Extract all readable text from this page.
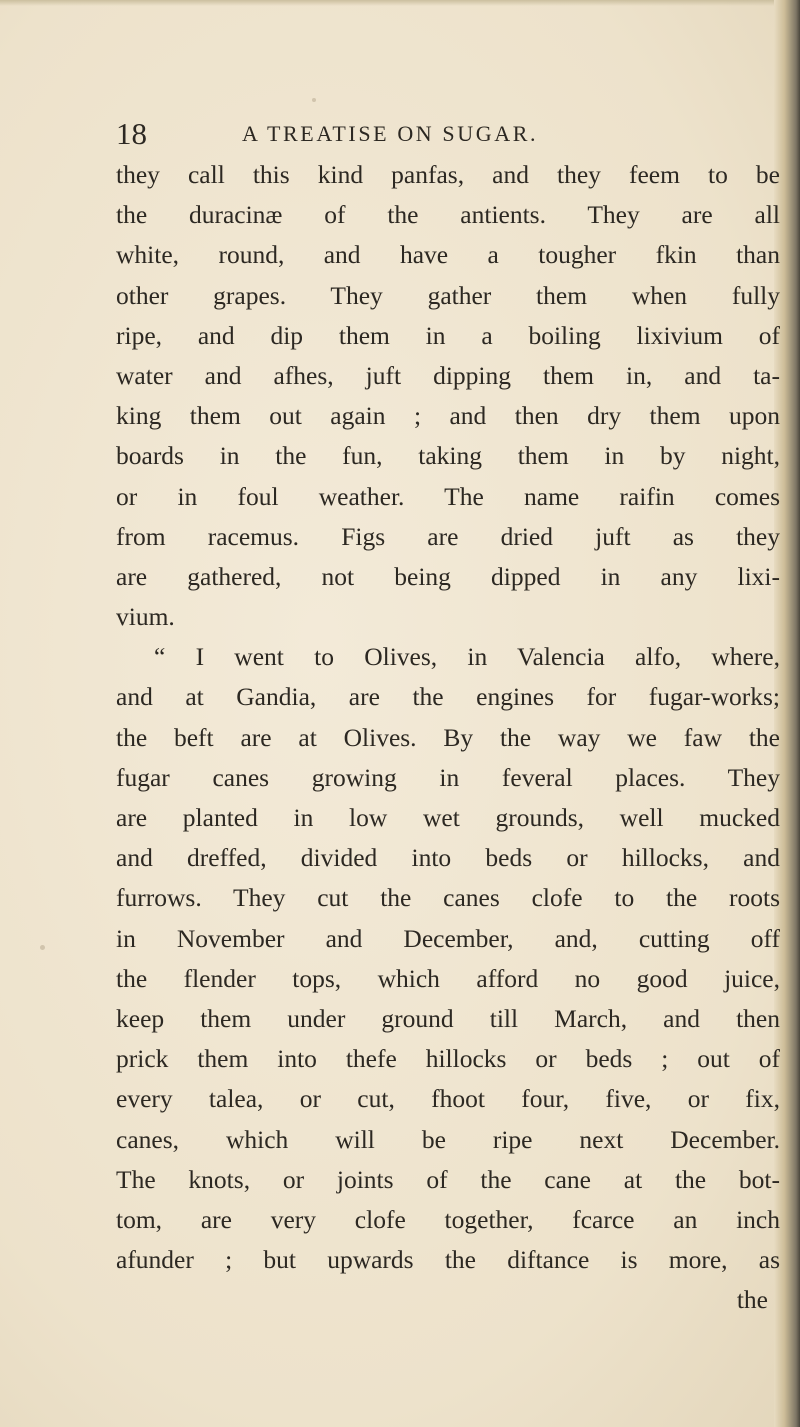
18	A TREATISE ON SUGAR.
they call this kind panfas, and they feem to be
the duracinæ of the antients. They are all
white, round, and have a tougher fkin than
other grapes. They gather them when fully
ripe, and dip them in a boiling lixivium of
water and afhes, juft dipping them in, and ta-
king them out again ; and then dry them upon
boards in the fun, taking them in by night,
or in foul weather. The name raifin comes
from racemus. Figs are dried juft as they
are gathered, not being dipped in any lixi-
vium.
“ I went to Olives, in Valencia alfo, where,
and at Gandia, are the engines for fugar-works;
the beft are at Olives. By the way we faw the
fugar canes growing in feveral places. They
are planted in low wet grounds, well mucked
and dreffed, divided into beds or hillocks, and
furrows. They cut the canes clofe to the roots
in November and December, and, cutting off
the flender tops, which afford no good juice,
keep them under ground till March, and then
prick them into thefe hillocks or beds ; out of
every talea, or cut, fhoot four, five, or fix,
canes, which will be ripe next December.
The knots, or joints of the cane at the bot-
tom, are very clofe together, fcarce an inch
afunder ; but upwards the diftance is more, as
the
